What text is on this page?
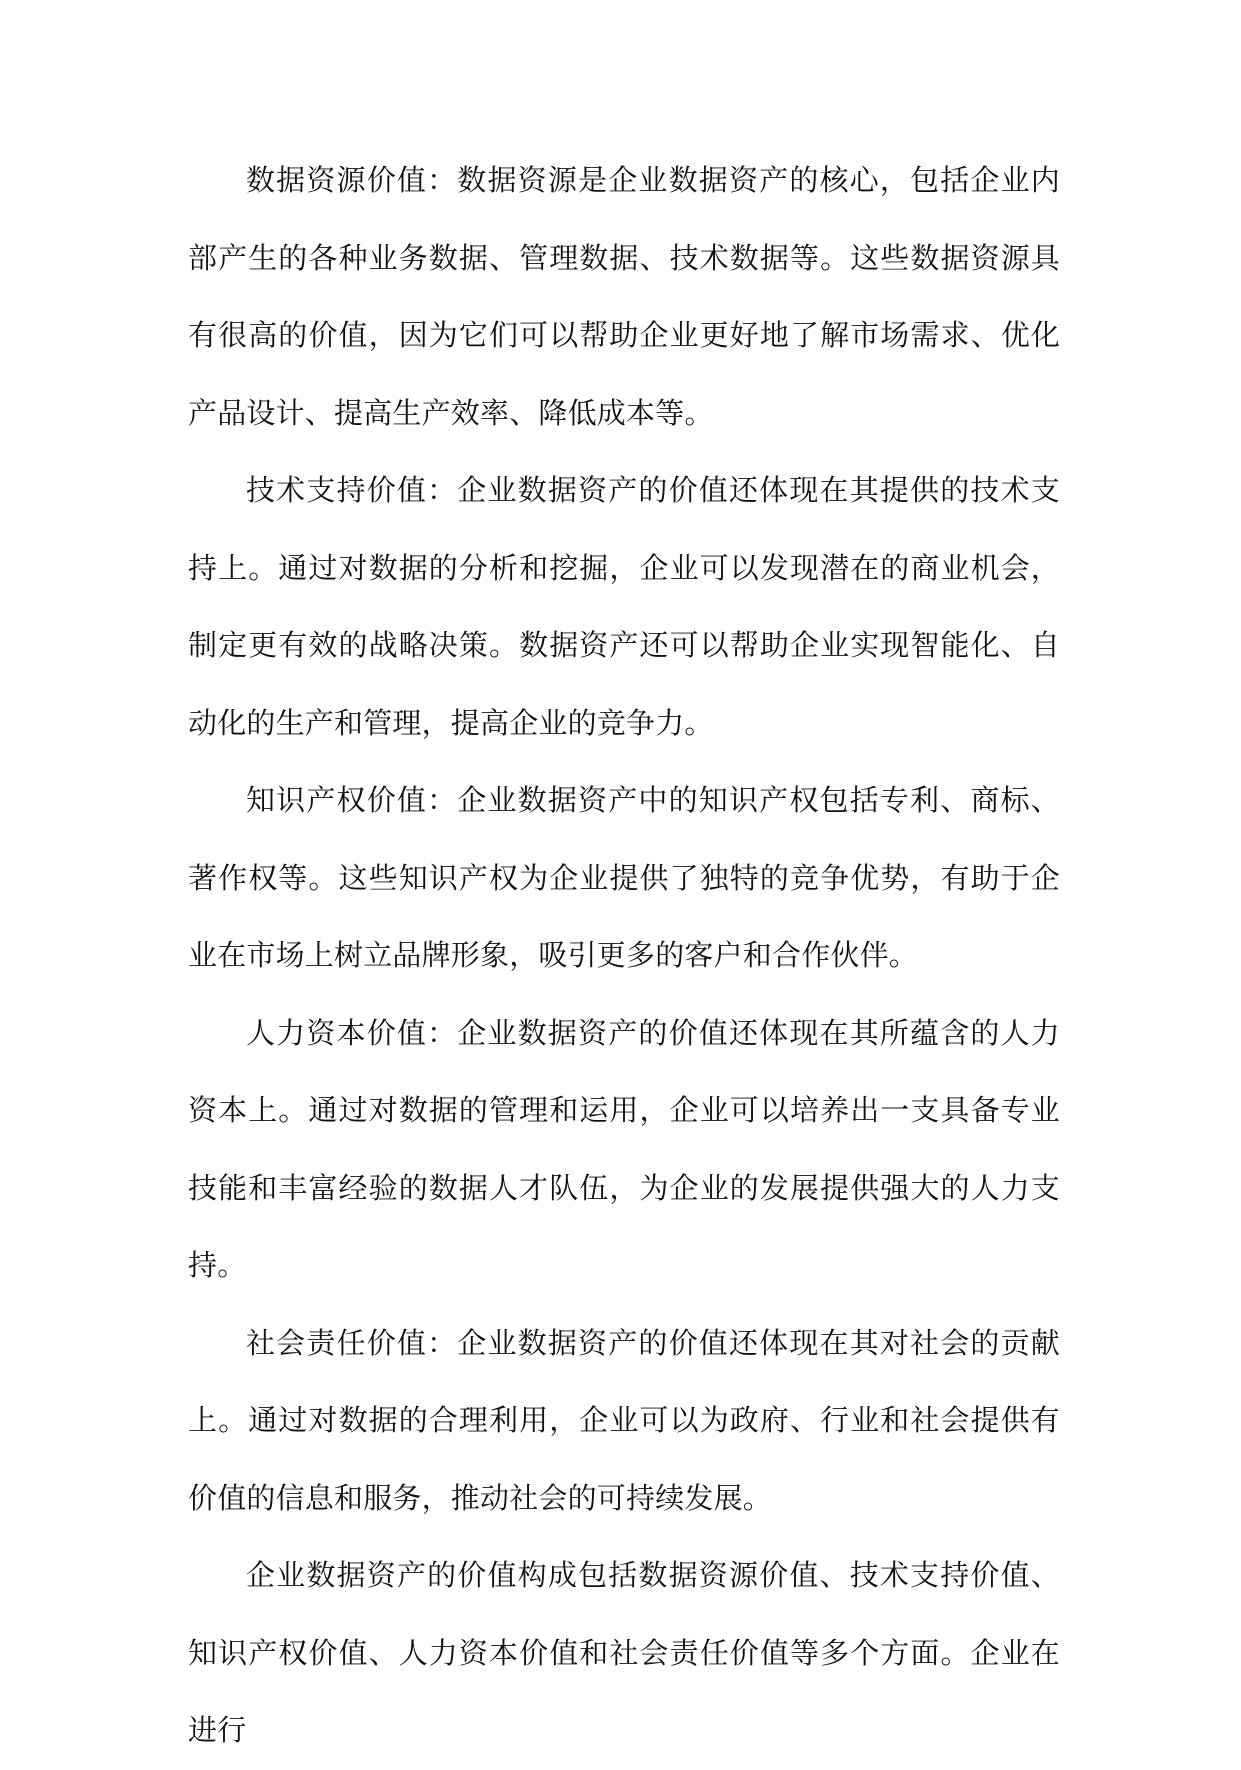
数据资源价值：数据资源是企业数据资产的核心，包括企业内部产生的各种业务数据、管理数据、技术数据等。这些数据资源具有很高的价值，因为它们可以帮助企业更好地了解市场需求、优化产品设计、提高生产效率、降低成本等。

技术支持价值：企业数据资产的价值还体现在其提供的技术支持上。通过对数据的分析和挖掘，企业可以发现潜在的商业机会，制定更有效的战略决策。数据资产还可以帮助企业实现智能化、自动化的生产和管理，提高企业的竞争力。

知识产权价值：企业数据资产中的知识产权包括专利、商标、著作权等。这些知识产权为企业提供了独特的竞争优势，有助于企业在市场上树立品牌形象，吸引更多的客户和合作伙伴。

人力资本价值：企业数据资产的价值还体现在其所蕴含的人力资本上。通过对数据的管理和运用，企业可以培养出一支具备专业技能和丰富经验的数据人才队伍，为企业的发展提供强大的人力支持。

社会责任价值：企业数据资产的价值还体现在其对社会的贡献上。通过对数据的合理利用，企业可以为政府、行业和社会提供有价值的信息和服务，推动社会的可持续发展。

企业数据资产的价值构成包括数据资源价值、技术支持价值、知识产权价值、人力资本价值和社会责任价值等多个方面。企业在进行
